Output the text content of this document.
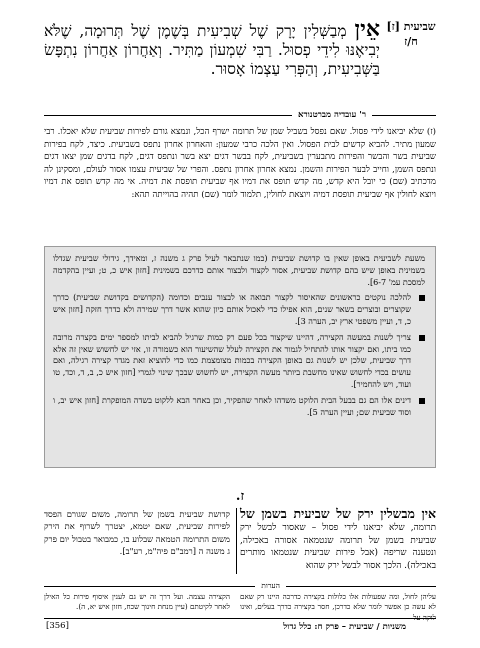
שביעית [ז]
ח/ז
אֵין מְבַשְּׁלִין יָרָק שֶׁל שְׁבִיעִית בְּשֶׁמֶן שֶׁל תְּרוּמָה, שֶׁלֹּא יְבִיאֶנּוּ לִידֵי פְסוּל. רַבִּי שִׁמְעוֹן מַתִּיר. וְאַחֲרוֹן אַחֲרוֹן נִתְפָּשׂ בַּשְּׁבִיעִית, וְהַפְּרִי עַצְמוֹ אָסוּר.
ר' עובדיה מברטנורא
(ז) שלא יביאנו לידי פסול. שאם נפסל בשביל שמן של תרומה ישרף הכל, ונמצא גורם לפירות שביעית שלא יאכלו. רבי שמעון מתיר. להביא קדשים לבית הפסול. ואין הלכה כרבי שמעון: והאחרון אחרון נתפס בשביעית. כיצד, לקח בפירות שביעית בשר והבשר והפירות מתבערין בשביעית, לקח בבשר דגים יצא בשר ונתפס דגים, לקח בדגים שמן יצאו דגים ונתפס השמן, וחייב לבער הפירות והשמן. נמצא אחרון אחרון נתפס. והפרי של שביעית עצמו אסור לעולם, ומסקינן לה מדכתיב (שם) כי יובל היא קדש, מה קדש תופס את דמיו אף שביעית תופסת את דמיה. אי מה קדש תופס את דמיו ויוצא לחולין אף שביעית תופסת דמיה ויוצאת לחולין, תלמוד לומר (שם) תהיה בהוייתה תהא:

משעת לשביעית באופן שאין בו קדושת שביעית (כמו שנתבאר לעיל פרק ג משנה ז, ומאידך, גידולי שביעית שגדלו בשמינית באופן שיש בהם קדושת שביעית, אסור לקצור ולבצור אותם כדרכם בשמינית [חזון איש כ, ט; ועיין בהקדמה למסכת עמ' 6-7].

להלכה נוקטים כראשונים שהאיסור לקצור תבואה או לבצור ענבים וכדומה (הקדושים בקדושת שביעית) כדרך שקוצרים ובוצרים בשאר שנים, הוא אפילו כדי לאכול אותם כיון שהוא אשר דרך שמירה ולא כדרך חזקה [חזון איש כ, ד, ועיין משפטי ארץ יב, הערה 3].
צריך לשנות במעשה הקצירה, דהיינו שיקצור בכל פעם רק כמות שרגיל להביא לביתו למספר ימים בקצרה מרובה כמו ביתו, ואם יקצור אותו להתחיל לגמור את הקצירה לעלל שהשיעור הוא כשמורה זו, אזי יש לחשוש שאין זה אלא דרך שביעית, שלכן יש לשנות גם באופן הקצירה בכמות מצומצמת כמו כדי להוציא זאת מגדר קצירה רגילה, ואם עושים בכדי לחשוש שאינו מחשבת ביותר מעשה הקצירה, יש לחשוש שבכך שינוי לגמרי [חזון איש כ, ב, ד, וכד, טו ועוד, ויש להחמיר].
דינים אלו הם גם בבעל הבית הלוקט משדהו לאחר שהפקיר, וכן באחר הבא ללקוט בשדה המופקרת [חזון איש יב, ו וסוד שביעית שם; ועיין הערה 5].
ז.
אין מבשלין ירק של שביעית בשמן של תרומה, שלא יביאנו לידי פסול – שאסור לבשל ירק שביעית בשמן של תרומה שנטמאה אסורה באכילה, ונטענה שריפה (אבל פירות שביעית שנטמאו מותרים באכילה). הלכך אסור לבשל ירק שהוא
קדושת שביעית בשמן של תרומה, משום שגורם הפסד לפירות שביעית, שאם יטמא, יצטרך לשרוף את הירק משום התרומה הטמאה שבלוע בו, כמבואר בטבול יום פרק ג משנה ה [רמב"ם פיה"מ, רע"ב].
הערות
עליהן לחול, ומה שפעולות אלו כלולות בקצירה כדרכה היינו רק שאם לא עשה כן אפשר לומר שלא כדרכן, חסר בקצירה כדרך בעלים, ואינו לוקה על
הקצירה עצמה. ועל דרך זה יש גם לענין איסוף פירות כל האילן לאחר לקיטתם (עיין מנחת חינוך שכח, חזון איש יא, ה).
משניות / שביעית – פרק ח: כלל גדול
[356]
